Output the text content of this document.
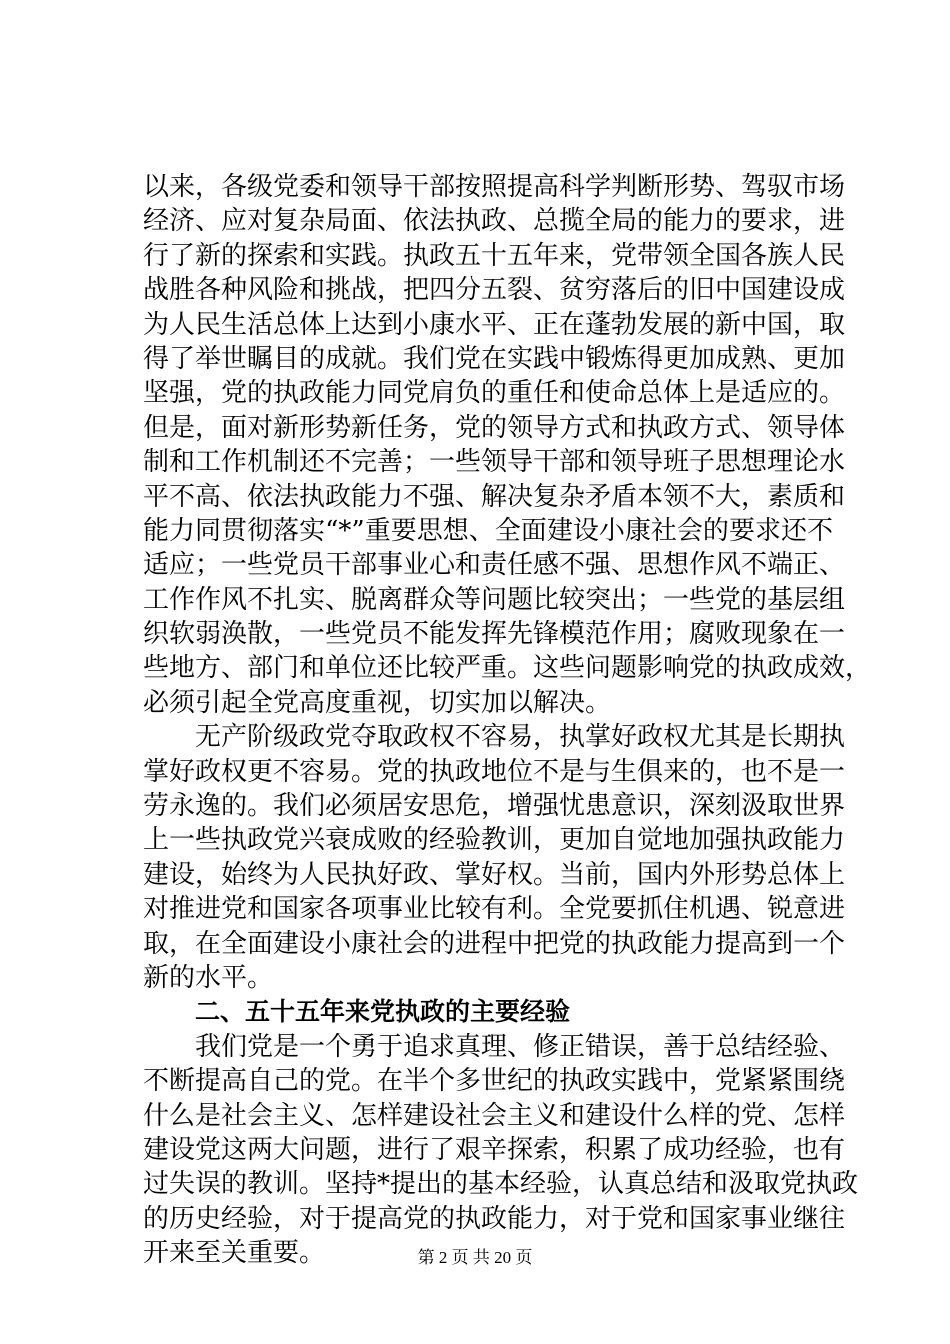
以来，各级党委和领导干部按照提高科学判断形势、驾驭市场
经济、应对复杂局面、依法执政、总揽全局的能力的要求，进
行了新的探索和实践。执政五十五年来，党带领全国各族人民
战胜各种风险和挑战，把四分五裂、贫穷落后的旧中国建设成
为人民生活总体上达到小康水平、正在蓬勃发展的新中国，取
得了举世瞩目的成就。我们党在实践中锻炼得更加成熟、更加
坚强，党的执政能力同党肩负的重任和使命总体上是适应的。
但是，面对新形势新任务，党的领导方式和执政方式、领导体
制和工作机制还不完善；一些领导干部和领导班子思想理论水
平不高、依法执政能力不强、解决复杂矛盾本领不大，素质和
能力同贯彻落实“*”重要思想、全面建设小康社会的要求还不
适应；一些党员干部事业心和责任感不强、思想作风不端正、
工作作风不扎实、脱离群众等问题比较突出；一些党的基层组
织软弱涣散，一些党员不能发挥先锋模范作用；腐败现象在一
些地方、部门和单位还比较严重。这些问题影响党的执政成效，
必须引起全党高度重视，切实加以解决。
无产阶级政党夺取政权不容易，执掌好政权尤其是长期执
掌好政权更不容易。党的执政地位不是与生俱来的，也不是一
劳永逸的。我们必须居安思危，增强忧患意识，深刻汲取世界
上一些执政党兴衰成败的经验教训，更加自觉地加强执政能力
建设，始终为人民执好政、掌好权。当前，国内外形势总体上
对推进党和国家各项事业比较有利。全党要抓住机遇、锐意进
取，在全面建设小康社会的进程中把党的执政能力提高到一个
新的水平。
二、五十五年来党执政的主要经验
我们党是一个勇于追求真理、修正错误，善于总结经验、
不断提高自己的党。在半个多世纪的执政实践中，党紧紧围绕
什么是社会主义、怎样建设社会主义和建设什么样的党、怎样
建设党这两大问题，进行了艰辛探索，积累了成功经验，也有
过失误的教训。坚持*提出的基本经验，认真总结和汲取党执政
的历史经验，对于提高党的执政能力，对于党和国家事业继往
开来至关重要。	第 2 页 共 20 页
